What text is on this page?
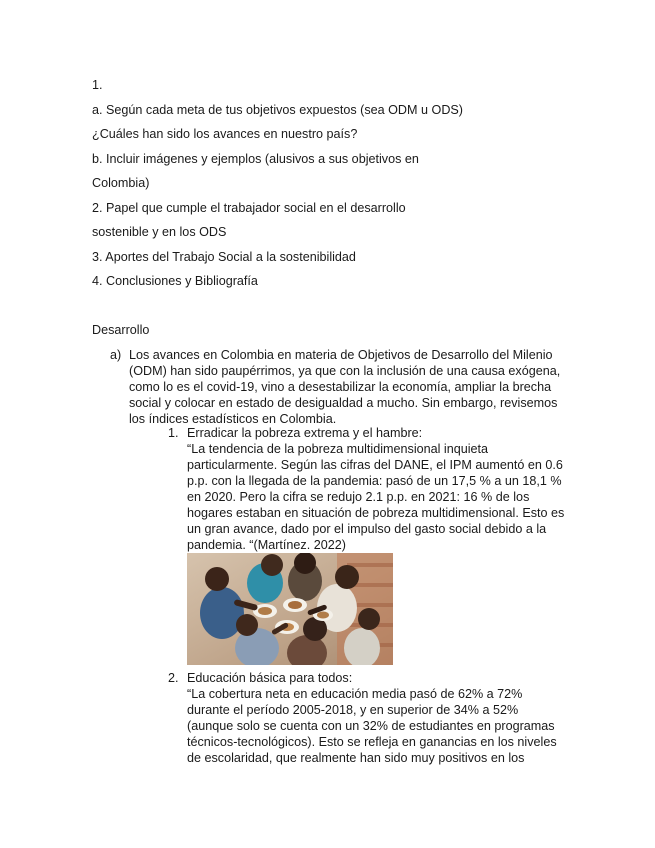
1.

a. Según cada meta de tus objetivos expuestos (sea ODM u ODS)

¿Cuáles han sido los avances en nuestro país?

b. Incluir imágenes y ejemplos (alusivos a sus objetivos en

Colombia)

2. Papel que cumple el trabajador social en el desarrollo

sostenible y en los ODS

3. Aportes del Trabajo Social a la sostenibilidad

4. Conclusiones y Bibliografía

Desarrollo

a) Los avances en Colombia en materia de Objetivos de Desarrollo del Milenio (ODM) han sido paupérrimos, ya que con la inclusión de una causa exógena, como lo es el covid-19, vino a desestabilizar la economía, ampliar la brecha social y colocar en estado de desigualdad a mucho. Sin embargo, revisemos los índices estadísticos en Colombia.

1. Erradicar la pobreza extrema y el hambre:

“La tendencia de la pobreza multidimensional inquieta particularmente. Según las cifras del DANE, el IPM aumentó en 0.6 p.p. con la llegada de la pandemia: pasó de un 17,5 % a un 18,1 % en 2020. Pero la cifra se redujo 2.1 p.p. en 2021: 16 % de los hogares estaban en situación de pobreza multidimensional. Esto es un gran avance, dado por el impulso del gasto social debido a la pandemia. “(Martínez. 2022)

2. Educación básica para todos:

“La cobertura neta en educación media pasó de 62% a 72% durante el período 2005-2018, y en superior de 34% a 52% (aunque solo se cuenta con un 32% de estudiantes en programas técnicos-tecnológicos). Esto se refleja en ganancias en los niveles de escolaridad, que realmente han sido muy positivos en los
